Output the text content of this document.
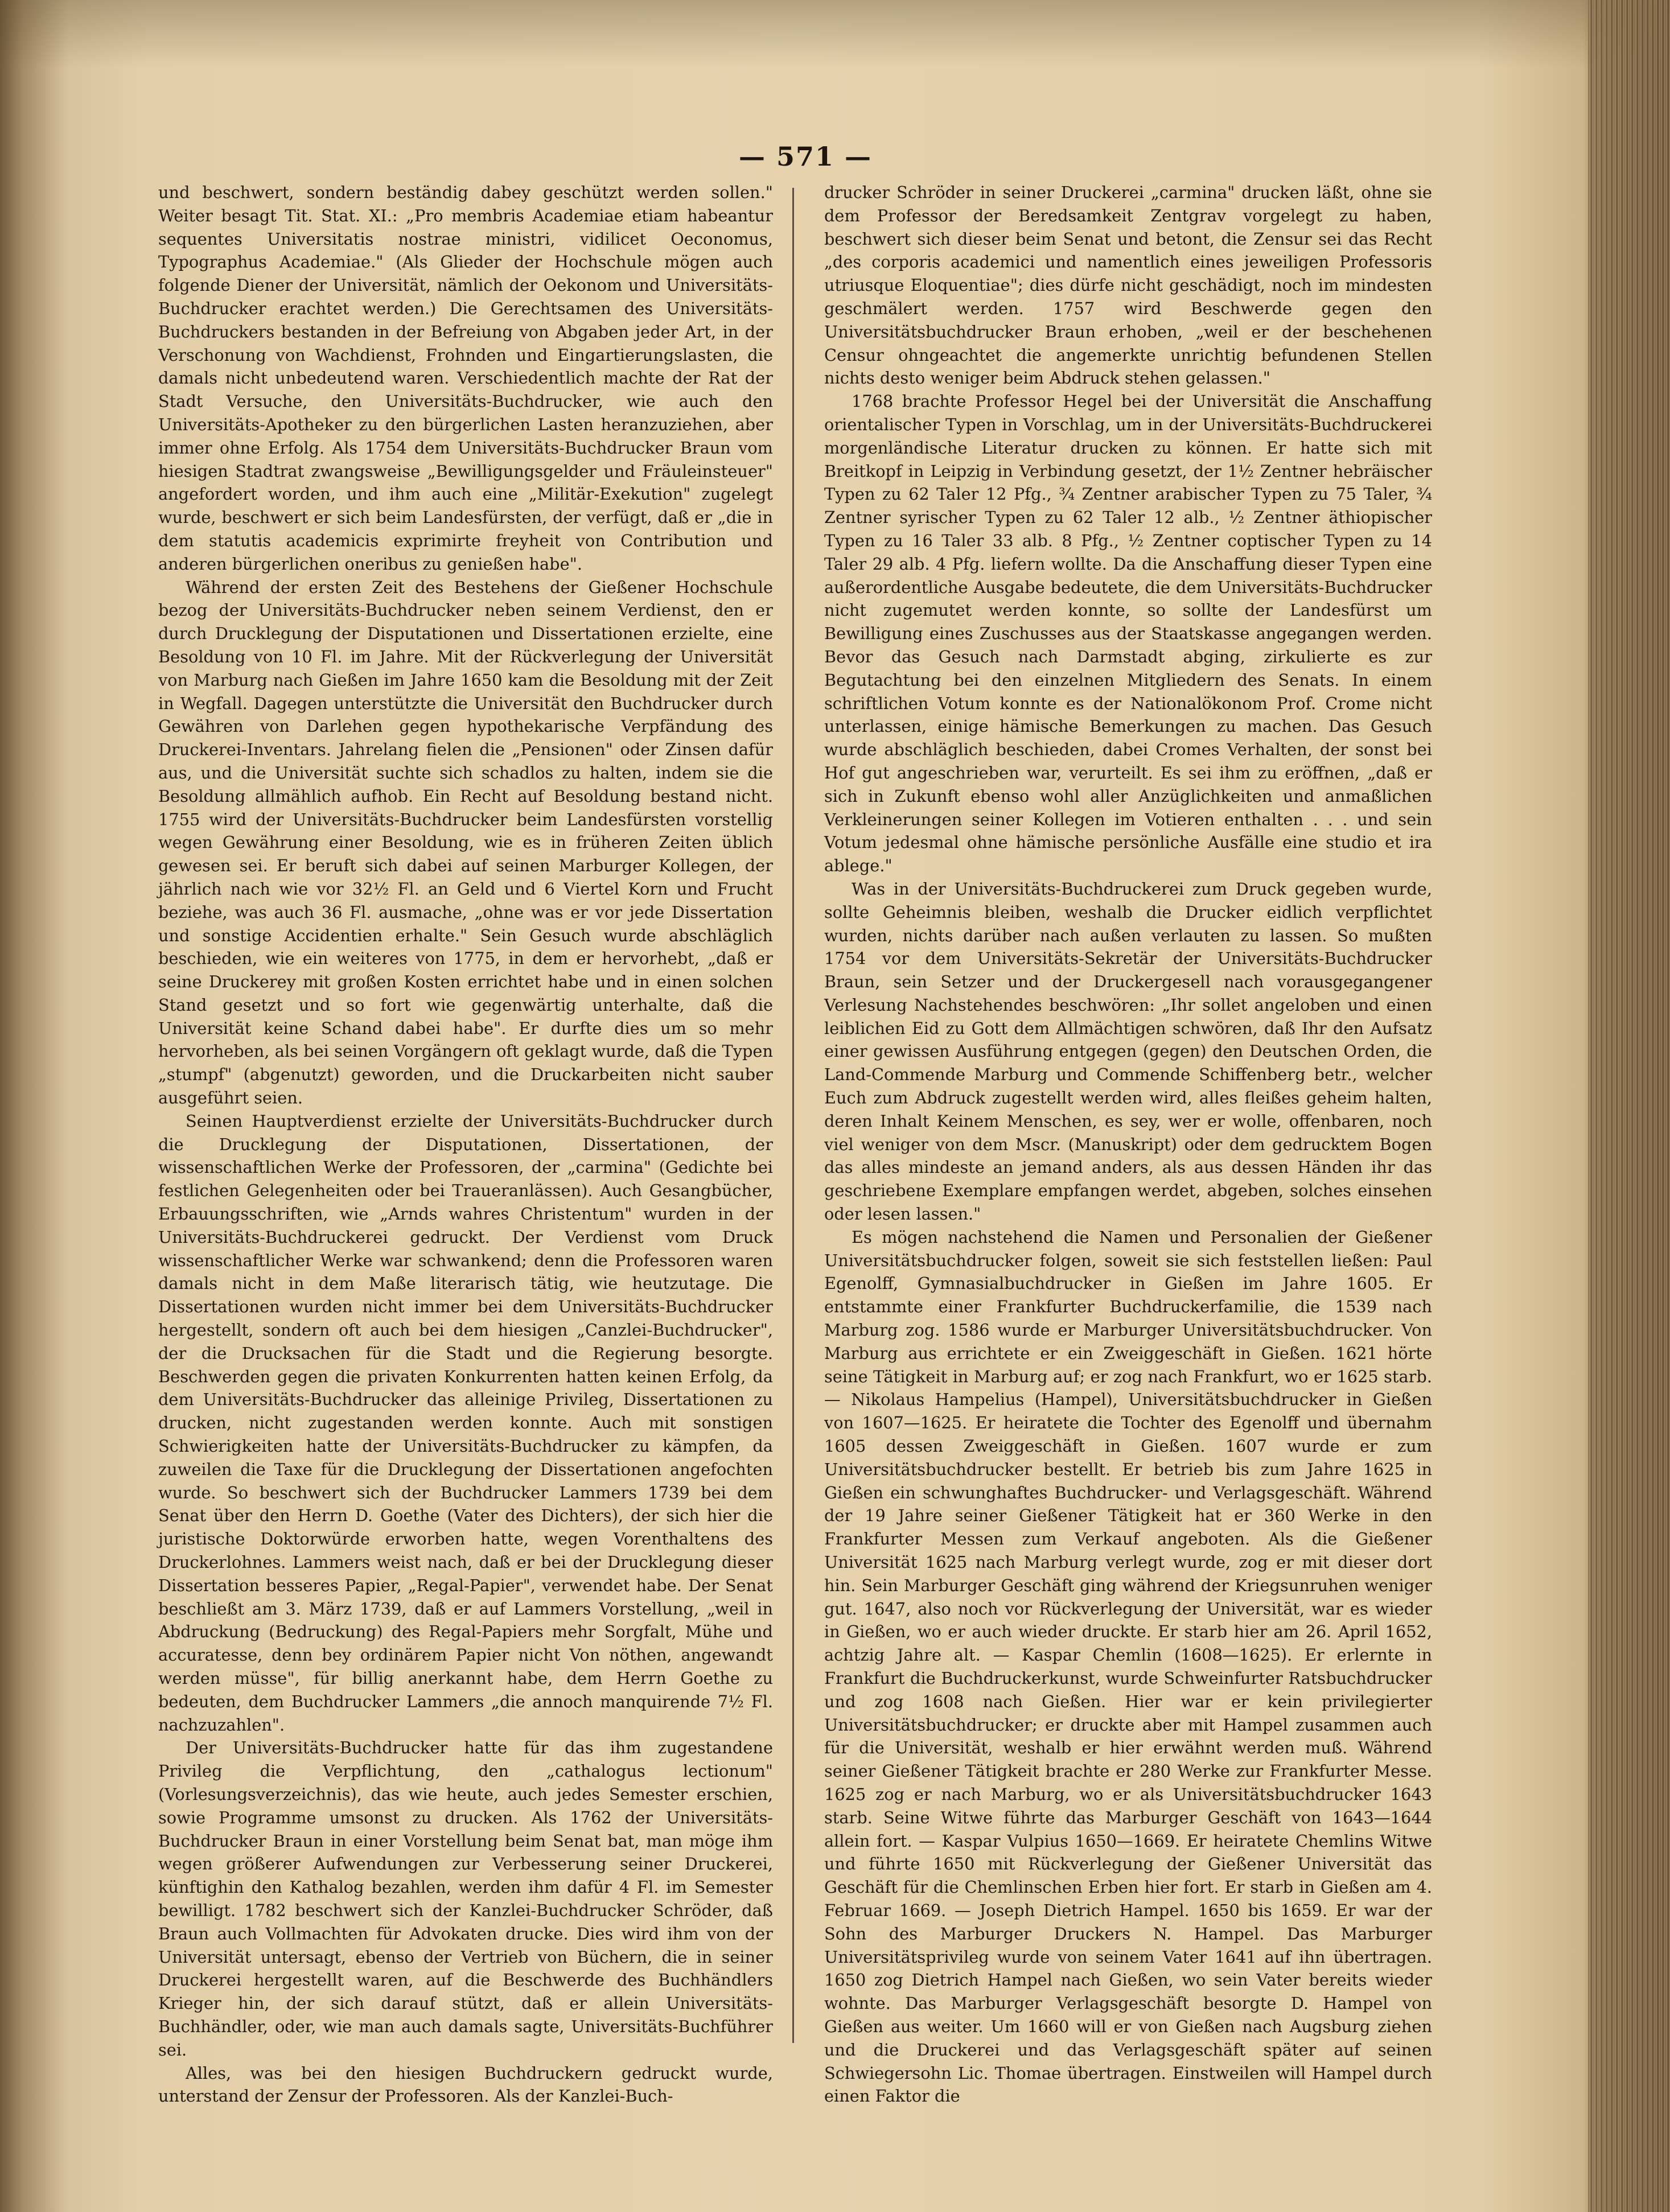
— 571 —

und beschwert, sondern beständig dabey geschützt werden sollen." Weiter besagt Tit. Stat. XI.: „Pro membris Academiae etiam habeantur sequentes Universitatis nostrae ministri, vidilicet Oeconomus, Typographus Academiae." (Als Glieder der Hochschule mögen auch folgende Diener der Universität, nämlich der Oekonom und Universitäts-Buchdrucker erachtet werden.) Die Gerechtsamen des Universitäts-Buchdruckers bestanden in der Befreiung von Abgaben jeder Art, in der Verschonung von Wachdienst, Frohnden und Eingartierungslasten, die damals nicht unbedeutend waren. Verschiedentlich machte der Rat der Stadt Versuche, den Universitäts-Buchdrucker, wie auch den Universitäts-Apotheker zu den bürgerlichen Lasten heranzuziehen, aber immer ohne Erfolg. Als 1754 dem Universitäts-Buchdrucker Braun vom hiesigen Stadtrat zwangsweise „Bewilligungsgelder und Fräuleinsteuer" angefordert worden, und ihm auch eine „Militär-Exekution" zugelegt wurde, beschwert er sich beim Landesfürsten, der verfügt, daß er „die in dem statutis academicis exprimirte freyheit von Contribution und anderen bürgerlichen oneribus zu genießen habe".

Während der ersten Zeit des Bestehens der Gießener Hochschule bezog der Universitäts-Buchdrucker neben seinem Verdienst, den er durch Drucklegung der Disputationen und Dissertationen erzielte, eine Besoldung von 10 Fl. im Jahre. Mit der Rückverlegung der Universität von Marburg nach Gießen im Jahre 1650 kam die Besoldung mit der Zeit in Wegfall. Dagegen unterstützte die Universität den Buchdrucker durch Gewähren von Darlehen gegen hypothekarische Verpfändung des Druckerei-Inventars. Jahrelang fielen die „Pensionen" oder Zinsen dafür aus, und die Universität suchte sich schadlos zu halten, indem sie die Besoldung allmählich aufhob. Ein Recht auf Besoldung bestand nicht. 1755 wird der Universitäts-Buchdrucker beim Landesfürsten vorstellig wegen Gewährung einer Besoldung, wie es in früheren Zeiten üblich gewesen sei. Er beruft sich dabei auf seinen Marburger Kollegen, der jährlich nach wie vor 32½ Fl. an Geld und 6 Viertel Korn und Frucht beziehe, was auch 36 Fl. ausmache, „ohne was er vor jede Dissertation und sonstige Accidentien erhalte." Sein Gesuch wurde abschläglich beschieden, wie ein weiteres von 1775, in dem er hervorhebt, „daß er seine Druckerey mit großen Kosten errichtet habe und in einen solchen Stand gesetzt und so fort wie gegenwärtig unterhalte, daß die Universität keine Schand dabei habe". Er durfte dies um so mehr hervorheben, als bei seinen Vorgängern oft geklagt wurde, daß die Typen „stumpf" (abgenutzt) geworden, und die Druckarbeiten nicht sauber ausgeführt seien.

Seinen Hauptverdienst erzielte der Universitäts-Buchdrucker durch die Drucklegung der Disputationen, Dissertationen, der wissenschaftlichen Werke der Professoren, der „carmina" (Gedichte bei festlichen Gelegenheiten oder bei Traueranlässen). Auch Gesangbücher, Erbauungsschriften, wie „Arnds wahres Christentum" wurden in der Universitäts-Buchdruckerei gedruckt. Der Verdienst vom Druck wissenschaftlicher Werke war schwankend; denn die Professoren waren damals nicht in dem Maße literarisch tätig, wie heutzutage. Die Dissertationen wurden nicht immer bei dem Universitäts-Buchdrucker hergestellt, sondern oft auch bei dem hiesigen „Canzlei-Buchdrucker", der die Drucksachen für die Stadt und die Regierung besorgte. Beschwerden gegen die privaten Konkurrenten hatten keinen Erfolg, da dem Universitäts-Buchdrucker das alleinige Privileg, Dissertationen zu drucken, nicht zugestanden werden konnte. Auch mit sonstigen Schwierigkeiten hatte der Universitäts-Buchdrucker zu kämpfen, da zuweilen die Taxe für die Drucklegung der Dissertationen angefochten wurde. So beschwert sich der Buchdrucker Lammers 1739 bei dem Senat über den Herrn D. Goethe (Vater des Dichters), der sich hier die juristische Doktorwürde erworben hatte, wegen Vorenthaltens des Druckerlohnes. Lammers weist nach, daß er bei der Drucklegung dieser Dissertation besseres Papier, „Regal-Papier", verwendet habe. Der Senat beschließt am 3. März 1739, daß er auf Lammers Vorstellung, „weil in Abdruckung (Bedruckung) des Regal-Papiers mehr Sorgfalt, Mühe und accuratesse, denn bey ordinärem Papier nicht Von nöthen, angewandt werden müsse", für billig anerkannt habe, dem Herrn Goethe zu bedeuten, dem Buchdrucker Lammers „die annoch manquirende 7½ Fl. nachzuzahlen".

Der Universitäts-Buchdrucker hatte für das ihm zugestandene Privileg die Verpflichtung, den „cathalogus lectionum" (Vorlesungsverzeichnis), das wie heute, auch jedes Semester erschien, sowie Programme umsonst zu drucken. Als 1762 der Universitäts-Buchdrucker Braun in einer Vorstellung beim Senat bat, man möge ihm wegen größerer Aufwendungen zur Verbesserung seiner Druckerei, künftighin den Kathalog bezahlen, werden ihm dafür 4 Fl. im Semester bewilligt. 1782 beschwert sich der Kanzlei-Buchdrucker Schröder, daß Braun auch Vollmachten für Advokaten drucke. Dies wird ihm von der Universität untersagt, ebenso der Vertrieb von Büchern, die in seiner Druckerei hergestellt waren, auf die Beschwerde des Buchhändlers Krieger hin, der sich darauf stützt, daß er allein Universitäts-Buchhändler, oder, wie man auch damals sagte, Universitäts-Buchführer sei.

Alles, was bei den hiesigen Buchdruckern gedruckt wurde, unterstand der Zensur der Professoren. Als der Kanzlei-Buch-

drucker Schröder in seiner Druckerei „carmina" drucken läßt, ohne sie dem Professor der Beredsamkeit Zentgrav vorgelegt zu haben, beschwert sich dieser beim Senat und betont, die Zensur sei das Recht „des corporis academici und namentlich eines jeweiligen Professoris utriusque Eloquentiae"; dies dürfe nicht geschädigt, noch im mindesten geschmälert werden. 1757 wird Beschwerde gegen den Universitätsbuchdrucker Braun erhoben, „weil er der beschehenen Censur ohngeachtet die angemerkte unrichtig befundenen Stellen nichts desto weniger beim Abdruck stehen gelassen."

1768 brachte Professor Hegel bei der Universität die Anschaffung orientalischer Typen in Vorschlag, um in der Universitäts-Buchdruckerei morgenländische Literatur drucken zu können. Er hatte sich mit Breitkopf in Leipzig in Verbindung gesetzt, der 1½ Zentner hebräischer Typen zu 62 Taler 12 Pfg., ¾ Zentner arabischer Typen zu 75 Taler, ¾ Zentner syrischer Typen zu 62 Taler 12 alb., ½ Zentner äthiopischer Typen zu 16 Taler 33 alb. 8 Pfg., ½ Zentner coptischer Typen zu 14 Taler 29 alb. 4 Pfg. liefern wollte. Da die Anschaffung dieser Typen eine außerordentliche Ausgabe bedeutete, die dem Universitäts-Buchdrucker nicht zugemutet werden konnte, so sollte der Landesfürst um Bewilligung eines Zuschusses aus der Staatskasse angegangen werden. Bevor das Gesuch nach Darmstadt abging, zirkulierte es zur Begutachtung bei den einzelnen Mitgliedern des Senats. In einem schriftlichen Votum konnte es der Nationalökonom Prof. Crome nicht unterlassen, einige hämische Bemerkungen zu machen. Das Gesuch wurde abschläglich beschieden, dabei Cromes Verhalten, der sonst bei Hof gut angeschrieben war, verurteilt. Es sei ihm zu eröffnen, „daß er sich in Zukunft ebenso wohl aller Anzüglichkeiten und anmaßlichen Verkleinerungen seiner Kollegen im Votieren enthalten . . . und sein Votum jedesmal ohne hämische persönliche Ausfälle eine studio et ira ablege."

Was in der Universitäts-Buchdruckerei zum Druck gegeben wurde, sollte Geheimnis bleiben, weshalb die Drucker eidlich verpflichtet wurden, nichts darüber nach außen verlauten zu lassen. So mußten 1754 vor dem Universitäts-Sekretär der Universitäts-Buchdrucker Braun, sein Setzer und der Druckergesell nach vorausgegangener Verlesung Nachstehendes beschwören: „Ihr sollet angeloben und einen leiblichen Eid zu Gott dem Allmächtigen schwören, daß Ihr den Aufsatz einer gewissen Ausführung entgegen (gegen) den Deutschen Orden, die Land-Commende Marburg und Commende Schiffenberg betr., welcher Euch zum Abdruck zugestellt werden wird, alles fleißes geheim halten, deren Inhalt Keinem Menschen, es sey, wer er wolle, offenbaren, noch viel weniger von dem Mscr. (Manuskript) oder dem gedrucktem Bogen das alles mindeste an jemand anders, als aus dessen Händen ihr das geschriebene Exemplare empfangen werdet, abgeben, solches einsehen oder lesen lassen."

Es mögen nachstehend die Namen und Personalien der Gießener Universitätsbuchdrucker folgen, soweit sie sich feststellen ließen: Paul Egenolff, Gymnasialbuchdrucker in Gießen im Jahre 1605. Er entstammte einer Frankfurter Buchdruckerfamilie, die 1539 nach Marburg zog. 1586 wurde er Marburger Universitätsbuchdrucker. Von Marburg aus errichtete er ein Zweiggeschäft in Gießen. 1621 hörte seine Tätigkeit in Marburg auf; er zog nach Frankfurt, wo er 1625 starb. — Nikolaus Hampelius (Hampel), Universitätsbuchdrucker in Gießen von 1607—1625. Er heiratete die Tochter des Egenolff und übernahm 1605 dessen Zweiggeschäft in Gießen. 1607 wurde er zum Universitätsbuchdrucker bestellt. Er betrieb bis zum Jahre 1625 in Gießen ein schwunghaftes Buchdrucker- und Verlagsgeschäft. Während der 19 Jahre seiner Gießener Tätigkeit hat er 360 Werke in den Frankfurter Messen zum Verkauf angeboten. Als die Gießener Universität 1625 nach Marburg verlegt wurde, zog er mit dieser dort hin. Sein Marburger Geschäft ging während der Kriegsunruhen weniger gut. 1647, also noch vor Rückverlegung der Universität, war es wieder in Gießen, wo er auch wieder druckte. Er starb hier am 26. April 1652, achtzig Jahre alt. — Kaspar Chemlin (1608—1625). Er erlernte in Frankfurt die Buchdruckerkunst, wurde Schweinfurter Ratsbuchdrucker und zog 1608 nach Gießen. Hier war er kein privilegierter Universitätsbuchdrucker; er druckte aber mit Hampel zusammen auch für die Universität, weshalb er hier erwähnt werden muß. Während seiner Gießener Tätigkeit brachte er 280 Werke zur Frankfurter Messe. 1625 zog er nach Marburg, wo er als Universitätsbuchdrucker 1643 starb. Seine Witwe führte das Marburger Geschäft von 1643—1644 allein fort. — Kaspar Vulpius 1650—1669. Er heiratete Chemlins Witwe und führte 1650 mit Rückverlegung der Gießener Universität das Geschäft für die Chemlinschen Erben hier fort. Er starb in Gießen am 4. Februar 1669. — Joseph Dietrich Hampel. 1650 bis 1659. Er war der Sohn des Marburger Druckers N. Hampel. Das Marburger Universitätsprivileg wurde von seinem Vater 1641 auf ihn übertragen. 1650 zog Dietrich Hampel nach Gießen, wo sein Vater bereits wieder wohnte. Das Marburger Verlagsgeschäft besorgte D. Hampel von Gießen aus weiter. Um 1660 will er von Gießen nach Augsburg ziehen und die Druckerei und das Verlagsgeschäft später auf seinen Schwiegersohn Lic. Thomae übertragen. Einstweilen will Hampel durch einen Faktor die
